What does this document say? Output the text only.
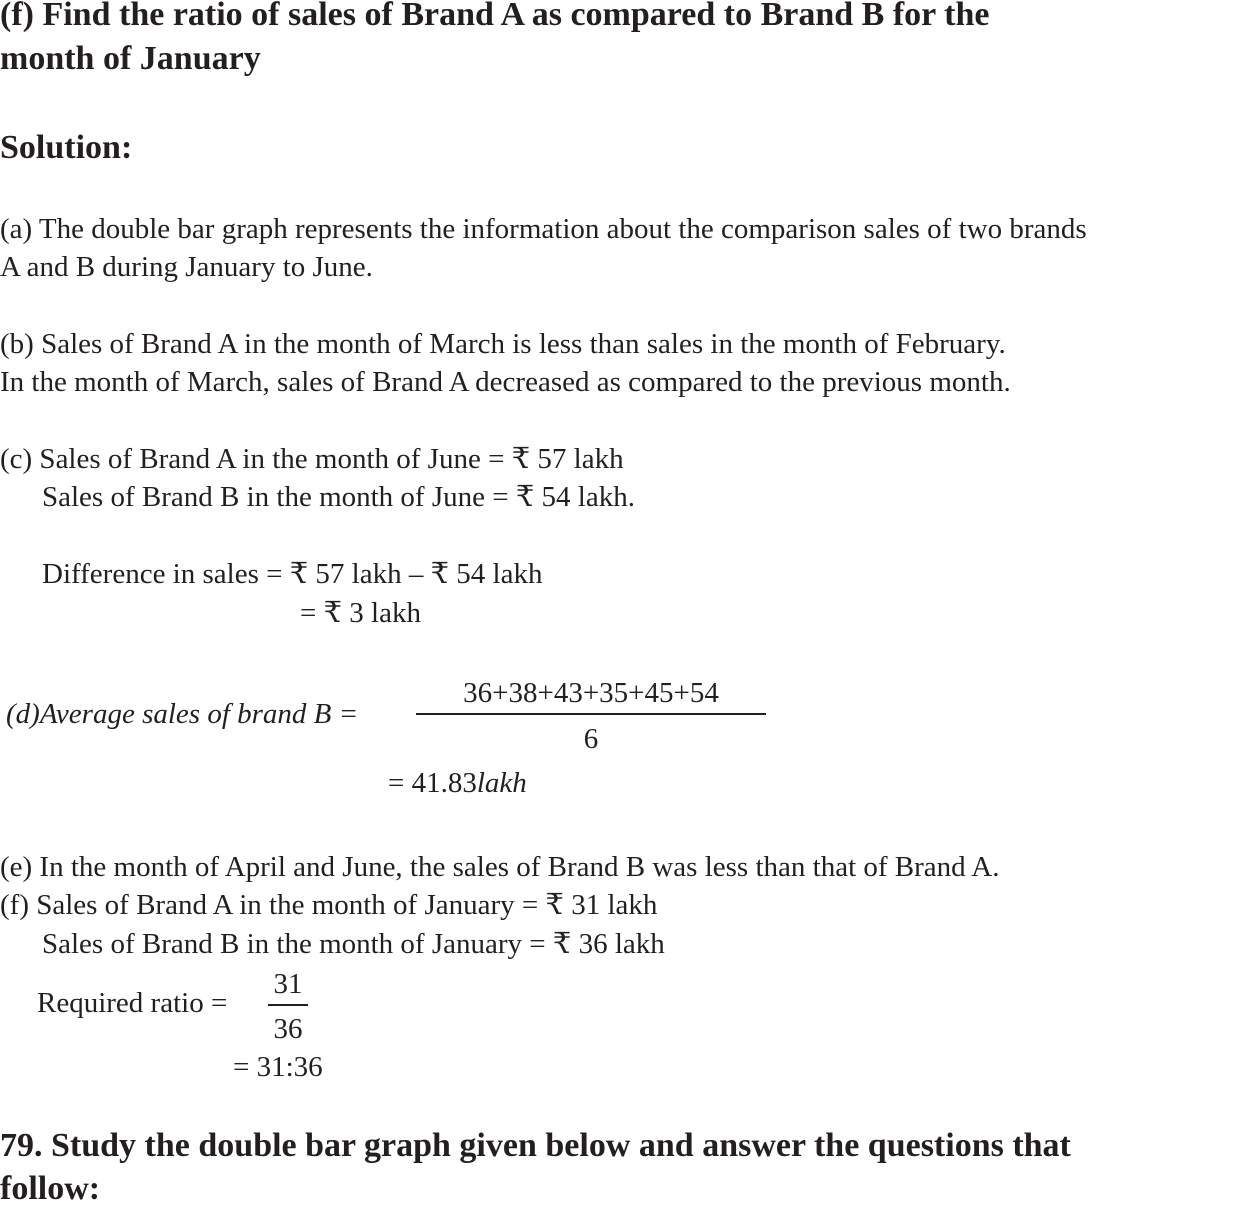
(f) Find the ratio of sales of Brand A as compared to Brand B for the
month of January
Solution:
(a) The double bar graph represents the information about the comparison sales of two brands
A and B during January to June.
(b) Sales of Brand A in the month of March is less than sales in the month of February.
In the month of March, sales of Brand A decreased as compared to the previous month.
(c) Sales of Brand A in the month of June = ₹ 57 lakh
Sales of Brand B in the month of June = ₹ 54 lakh.
Difference in sales = ₹ 57 lakh – ₹ 54 lakh
= ₹ 3 lakh
(d)Average sales of brand B =
36+38+43+35+45+54
6
= 41.83lakh
(e) In the month of April and June, the sales of Brand B was less than that of Brand A.
(f) Sales of Brand A in the month of January = ₹ 31 lakh
Sales of Brand B in the month of January = ₹ 36 lakh
Required ratio =
31
36
= 31:36
79. Study the double bar graph given below and answer the questions that
follow:
